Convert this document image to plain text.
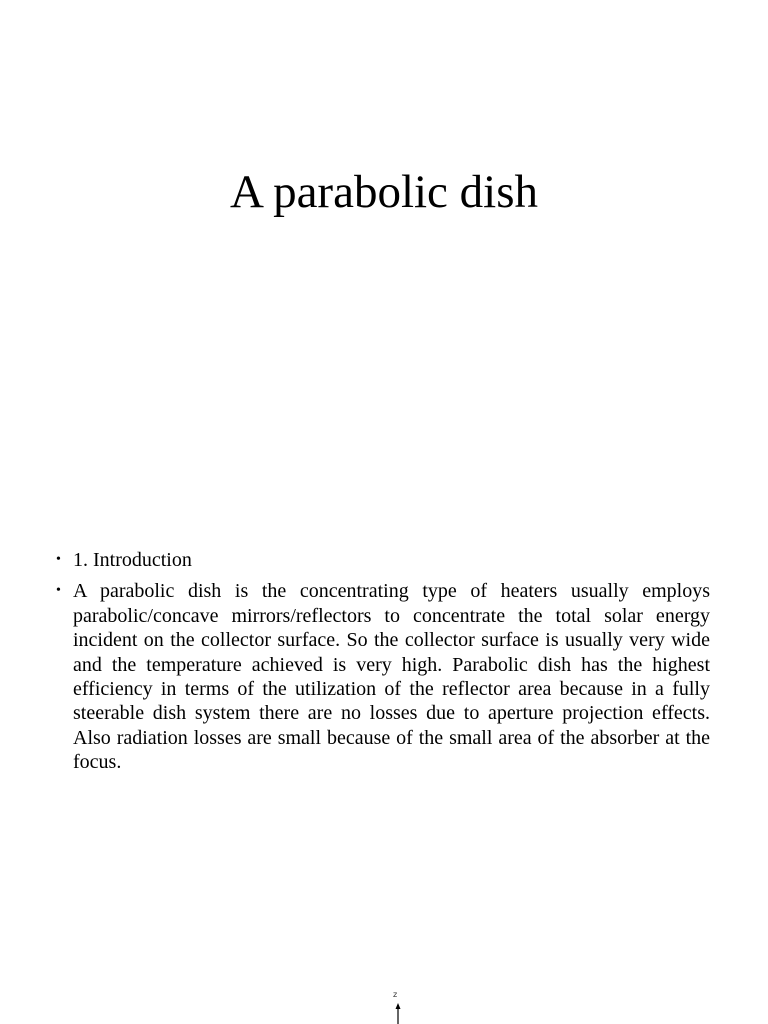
A parabolic dish
• 1. Introduction
• A parabolic dish is the concentrating type of heaters usually employs parabolic/concave mirrors/reflectors to concentrate the total solar energy incident on the collector surface. So the collector surface is usually very wide and the temperature achieved is very high. Parabolic dish has the highest efficiency in terms of the utilization of the reflector area because in a fully steerable dish system there are no losses due to aperture projection effects. Also radiation losses are small because of the small area of the absorber at the focus.
z
